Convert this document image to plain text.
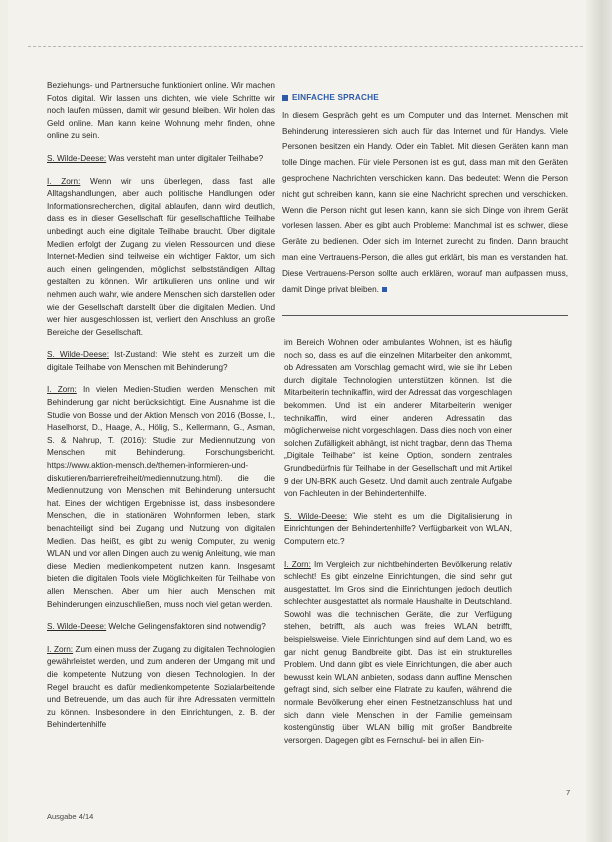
Beziehungs- und Partnersuche funktioniert online. Wir machen Fotos digital. Wir lassen uns dichten, wie viele Schritte wir noch laufen müssen, damit wir gesund bleiben. Wir holen das Geld online. Man kann keine Wohnung mehr finden, ohne online zu sein.

S. Wilde-Deese: Was versteht man unter digitaler Teilhabe?

I. Zorn: Wenn wir uns überlegen, dass fast alle Alltagshandlungen, aber auch politische Handlungen oder Informationsrecherchen, digital ablaufen, dann wird deutlich, dass es in dieser Gesellschaft für gesellschaftliche Teilhabe unbedingt auch eine digitale Teilhabe braucht. Über digitale Medien erfolgt der Zugang zu vielen Ressourcen und diese Internet-Medien sind teilweise ein wichtiger Faktor, um sich auch einen gelingenden, möglichst selbstständigen Alltag gestalten zu können. Wir artikulieren uns online und wir nehmen auch wahr, wie andere Menschen sich darstellen oder wie der Gesellschaft darstellt über die digitalen Medien. Und wer hier ausgeschlossen ist, verliert den Anschluss an große Bereiche der Gesellschaft.

S. Wilde-Deese: Ist-Zustand: Wie steht es zurzeit um die digitale Teilhabe von Menschen mit Behinderung?

I. Zorn: In vielen Medien-Studien werden Menschen mit Behinderung gar nicht berücksichtigt. Eine Ausnahme ist die Studie von Bosse und der Aktion Mensch von 2016 (Bosse, I., Haselhorst, D., Haage, A., Hölig, S., Kellermann, G., Asman, S. & Nahrup, T. (2016): Studie zur Mediennutzung von Menschen mit Behinderung. Forschungsbericht. https://www.aktion-mensch.de/themen-informieren-und-diskutieren/barrierefreiheit/mediennutzung.html). die die Mediennutzung von Menschen mit Behinderung untersucht hat. Eines der wichtigen Ergebnisse ist, dass insbesondere Menschen, die in stationären Wohnformen leben, stark benachteiligt sind bei Zugang und Nutzung von digitalen Medien. Das heißt, es gibt zu wenig Computer, zu wenig WLAN und vor allen Dingen auch zu wenig Anleitung, wie man diese Medien medienkompetent nutzen kann. Insgesamt bieten die digitalen Tools viele Möglichkeiten für Teilhabe von allen Menschen. Aber um hier auch Menschen mit Behinderungen einzuschließen, muss noch viel getan werden.

S. Wilde-Deese: Welche Gelingensfaktoren sind notwendig?

I. Zorn: Zum einen muss der Zugang zu digitalen Technologien gewährleistet werden, und zum anderen der Umgang mit und die kompetente Nutzung von diesen Technologien. In der Regel braucht es dafür medienkompetente Sozialarbeitende und Betreuende, um das auch für ihre Adressaten vermitteln zu können. Insbesondere in den Einrichtungen, z. B. der Behindertenhilfe

EINFACHE SPRACHE

In diesem Gespräch geht es um Computer und das Internet. Menschen mit Behinderung interessieren sich auch für das Internet und für Handys. Viele Personen besitzen ein Handy. Oder ein Tablet. Mit diesen Geräten kann man tolle Dinge machen. Für viele Personen ist es gut, dass man mit den Geräten gesprochene Nachrichten verschicken kann. Das bedeutet: Wenn die Person nicht gut schreiben kann, kann sie eine Nachricht sprechen und verschicken. Wenn die Person nicht gut lesen kann, kann sie sich Dinge von ihrem Gerät vorlesen lassen. Aber es gibt auch Probleme: Manchmal ist es schwer, diese Geräte zu bedienen. Oder sich im Internet zurecht zu finden. Dann braucht man eine Vertrauens-Person, die alles gut erklärt, bis man es verstanden hat. Diese Vertrauens-Person sollte auch erklären, worauf man aufpassen muss, damit Dinge privat bleiben.

im Bereich Wohnen oder ambulantes Wohnen, ist es häufig noch so, dass es auf die einzelnen Mitarbeiter den ankommt, ob Adressaten am Vorschlag gemacht wird, wie sie ihr Leben durch digitale Technologien unterstützen können. Ist die Mitarbeiterin technikaffin, wird der Adressat das vorgeschlagen bekommen. Und ist ein anderer Mitarbeiterin weniger technikaffin, wird einer anderen Adressatin das möglicherweise nicht vorgeschlagen. Dass dies noch von einer solchen Zufälligkeit abhängt, ist nicht tragbar, denn das Thema „Digitale Teilhabe“ ist keine Option, sondern zentrales Grundbedürfnis für Teilhabe in der Gesellschaft und mit Artikel 9 der UN-BRK auch Gesetz. Und damit auch zentrale Aufgabe von Fachleuten in der Behindertenhilfe.

S. Wilde-Deese: Wie steht es um die Digitalisierung in Einrichtungen der Behindertenhilfe? Verfügbarkeit von WLAN, Computern etc.?

I. Zorn: Im Vergleich zur nichtbehinderten Bevölkerung relativ schlecht! Es gibt einzelne Einrichtungen, die sind sehr gut ausgestattet. Im Gros sind die Einrichtungen jedoch deutlich schlechter ausgestattet als normale Haushalte in Deutschland. Sowohl was die technischen Geräte, die zur Verfügung stehen, betrifft, als auch was freies WLAN betrifft, beispielsweise. Viele Einrichtungen sind auf dem Land, wo es gar nicht genug Bandbreite gibt. Das ist ein strukturelles Problem. Und dann gibt es viele Einrichtungen, die aber auch bewusst kein WLAN anbieten, sodass dann auffine Menschen gefragt sind, sich selber eine Flatrate zu kaufen, während die normale Bevölkerung eher einen Festnetzanschluss hat und sich dann viele Menschen in der Familie gemeinsam kostengünstig über WLAN billig mit großer Bandbreite versorgen. Dagegen gibt es Fernschul- bei in allen Ein-

Ausgabe 4/14
7
